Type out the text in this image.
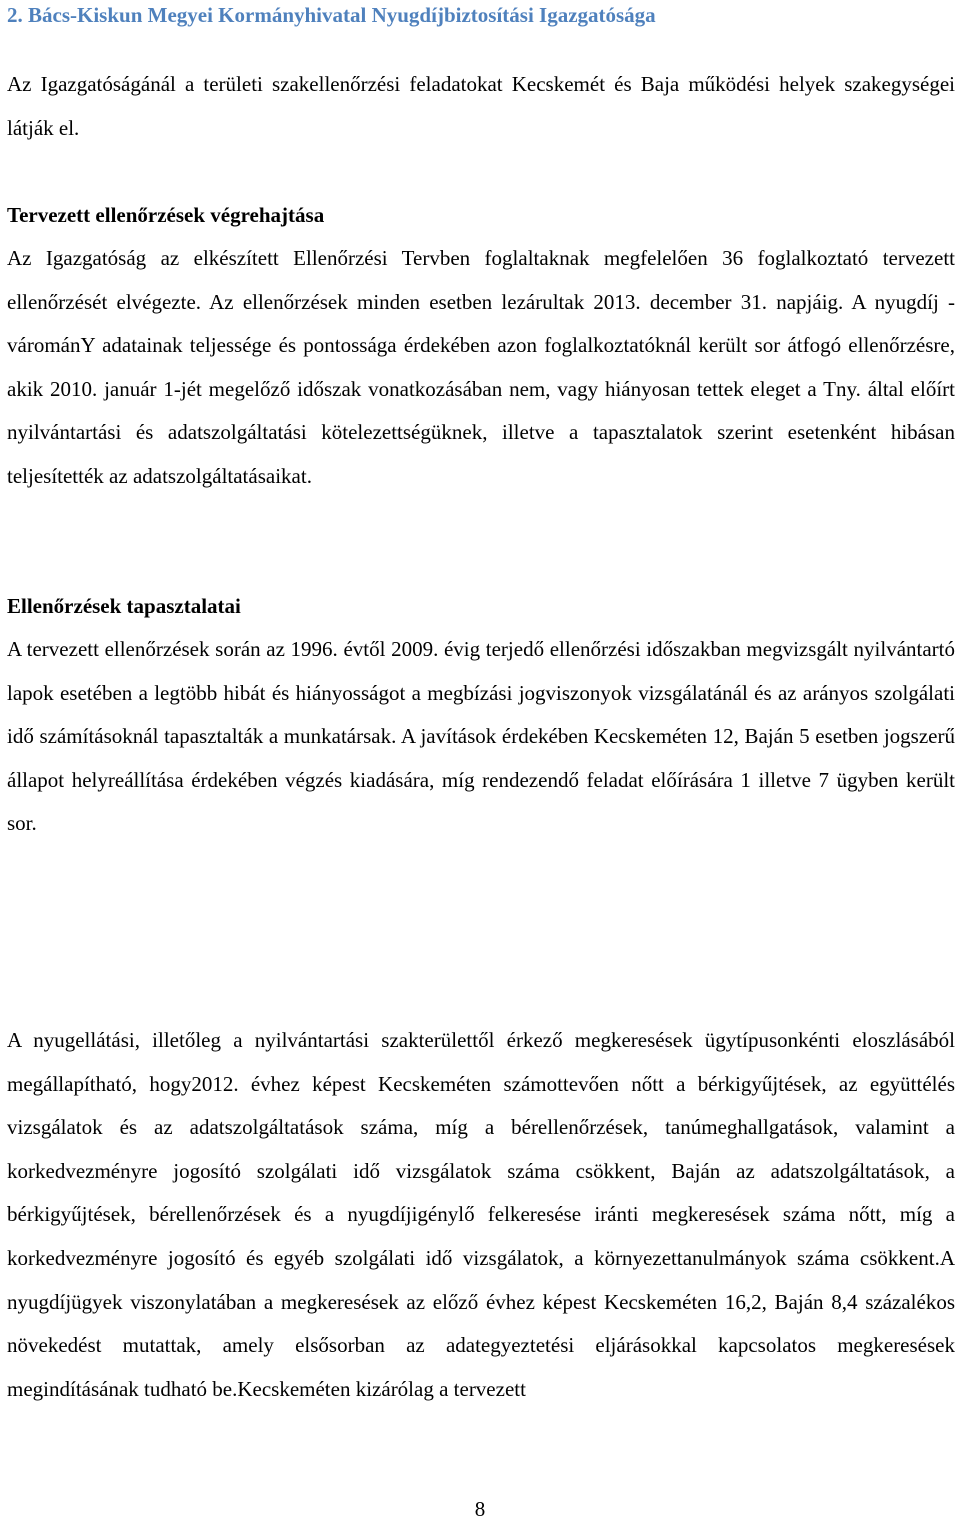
2. Bács-Kiskun Megyei Kormányhivatal Nyugdíjbiztosítási Igazgatósága

Az Igazgatóságánál a területi szakellenőrzési feladatokat Kecskemét és Baja működési helyek szakegységei látják el.

Tervezett ellenőrzések végrehajtása

Az Igazgatóság az elkészített Ellenőrzési Tervben foglaltaknak megfelelően 36 foglalkoztató tervezett ellenőrzését elvégezte. Az ellenőrzések minden esetben lezárultak 2013. december 31. napjáig. A nyugdíj - várománY adatainak teljessége és pontossága érdekében azon foglalkoztatóknál került sor átfogó ellenőrzésre, akik 2010. január 1-jét megelőző időszak vonatkozásában nem, vagy hiányosan tettek eleget a Tny. által előírt nyilvántartási és adatszolgáltatási kötelezettségüknek, illetve a tapasztalatok szerint esetenként hibásan teljesítették az adatszolgáltatásaikat.

Ellenőrzések tapasztalatai

A tervezett ellenőrzések során az 1996. évtől 2009. évig terjedő ellenőrzési időszakban megvizsgált nyilvántartó lapok esetében a legtöbb hibát és hiányosságot a megbízási jogviszonyok vizsgálatánál és az arányos szolgálati idő számításoknál tapasztalták a munkatársak. A javítások érdekében Kecskeméten 12, Baján 5 esetben jogszerű állapot helyreállítása érdekében végzés kiadására, míg rendezendő feladat előírására 1 illetve 7 ügyben került sor.

A nyugellátási, illetőleg a nyilvántartási szakterülettől érkező megkeresések ügytípusonkénti eloszlásából megállapítható, hogy2012. évhez képest Kecskeméten számottevően nőtt a bérkigyűjtések, az együttélés vizsgálatok és az adatszolgáltatások száma, míg a bérellenőrzések, tanúmeghallgatások, valamint a korkedvezményre jogosító szolgálati idő vizsgálatok száma csökkent, Baján az adatszolgáltatások, a bérkigyűjtések, bérellenőrzések és a nyugdíjigénylő felkeresése iránti megkeresések száma nőtt, míg a korkedvezményre jogosító és egyéb szolgálati idő vizsgálatok, a környezettanulmányok száma csökkent.A nyugdíjügyek viszonylatában a megkeresések az előző évhez képest Kecskeméten 16,2, Baján 8,4 százalékos növekedést mutattak, amely elsősorban az adategyeztetési eljárásokkal kapcsolatos megkeresések megindításának tudható be.Kecskeméten kizárólag a tervezett

8
